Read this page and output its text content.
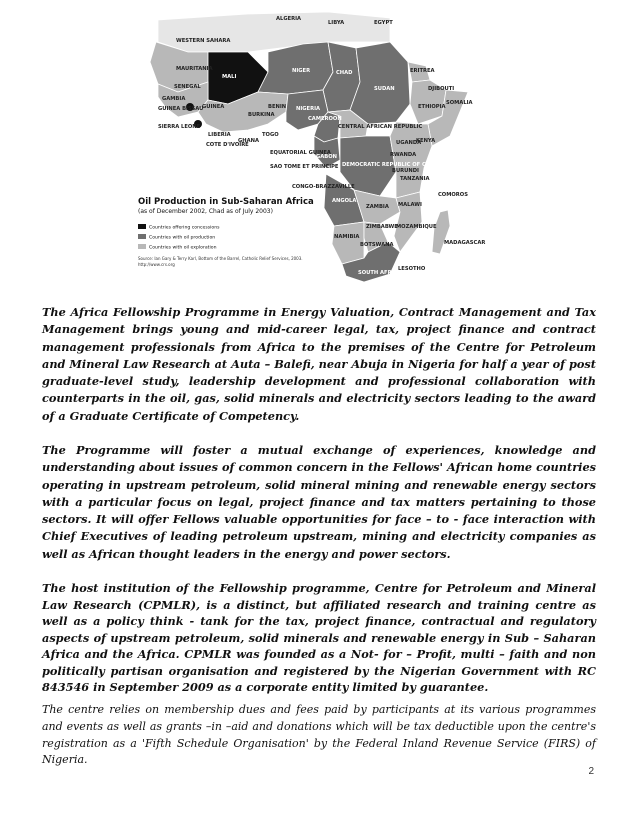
WESTERN SAHARA
MAURITANIA
MALI
SENEGAL
GAMBIA
GUINEA BISSAU
GUINEA
SIERRA LEONE
LIBERIA
COTE D'IVOIRE
GHANA
TOGO
BENIN
BURKINA
NIGER
NIGERIA
CAMEROON
CHAD
SUDAN
ERITREA
DJIBOUTI
ETHIOPIA
SOMALIA
CENTRAL AFRICAN REPUBLIC
EQUATORIAL GUINEA
SAO TOME ET PRINCIPE
GABON
CONGO-BRAZZAVILLE
DEMOCRATIC REPUBLIC OF CONGO
UGANDA
KENYA
RWANDA
BURUNDI
TANZANIA
ANGOLA
ZAMBIA MALAWI
MOZAMBIQUE
ZIMBABWE
NAMIBIA
BOTSWANA
SOUTH AFRICA
LESOTHO
MADAGASCAR
COMOROS
ALGERIA
LIBYA	EGYPT
Oil Production in Sub-Saharan Africa
(as of December 2002, Chad as of July 2003)
Countries offering concessions
Countries with oil production
Countries with oil exploration
Source: Ian Gary & Terry Karl, Bottom of the Barrel, Catholic Relief Services, 2003.
http://www.crs.org

The Africa Fellowship Programme in Energy Valuation, Contract Management and Tax Management brings young and mid-career legal, tax, project finance and contract management professionals from Africa to the premises of the Centre for Petroleum and Mineral Law Research at Auta – Balefi, near Abuja in Nigeria for half a year of post graduate-level study, leadership development and professional collaboration with counterparts in the oil, gas, solid minerals and electricity sectors leading to the award of a Graduate Certificate of Competency.

The Programme will foster a mutual exchange of experiences, knowledge and understanding about issues of common concern in the Fellows' African home countries operating in upstream petroleum, solid mineral mining and renewable energy sectors with a particular focus on legal, project finance and tax matters pertaining to those sectors. It will offer Fellows valuable opportunities for face – to - face interaction with Chief Executives of leading petroleum upstream, mining and electricity companies as well as African thought leaders in the energy and power sectors.

The host institution of the Fellowship programme, Centre for Petroleum and Mineral Law Research (CPMLR), is a distinct, but affiliated research and training centre as well as a policy think - tank for the tax, project finance, contractual and regulatory aspects of upstream petroleum, solid minerals and renewable energy in Sub – Saharan Africa and the Africa. CPMLR was founded as a Not- for – Profit, multi – faith and non politically partisan organisation and registered by the Nigerian Government with RC 843546 in September 2009 as a corporate entity limited by guarantee.

The centre relies on membership dues and fees paid by participants at its various programmes and events as well as grants –in –aid and donations which will be tax deductible upon the centre's registration as a 'Fifth Schedule Organisation' by the Federal Inland Revenue Service (FIRS) of Nigeria.

2
